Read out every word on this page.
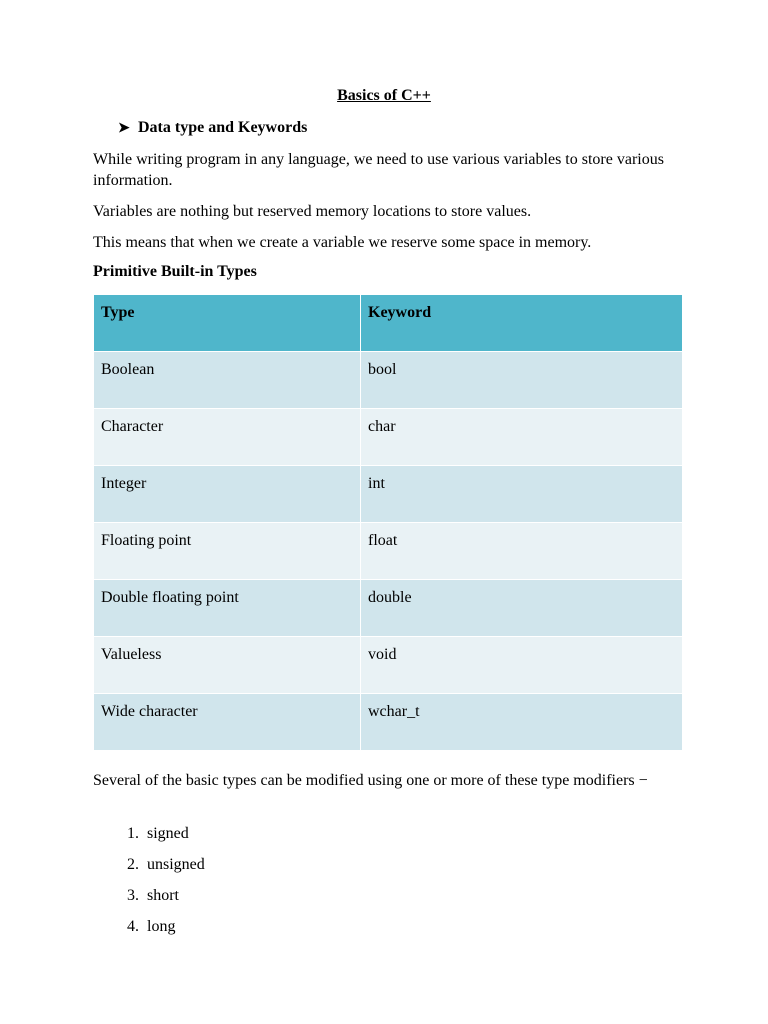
Basics of C++
➤ Data type and Keywords
While writing program in any language, we need to use various variables to store various information.
Variables are nothing but reserved memory locations to store values.
This means that when we create a variable we reserve some space in memory.
Primitive Built-in Types
Type	Keyword
Boolean	bool
Character	char
Integer	int
Floating point	float
Double floating point	double
Valueless	void
Wide character	wchar_t
Several of the basic types can be modified using one or more of these type modifiers −
1. signed
2. unsigned
3. short
4. long
